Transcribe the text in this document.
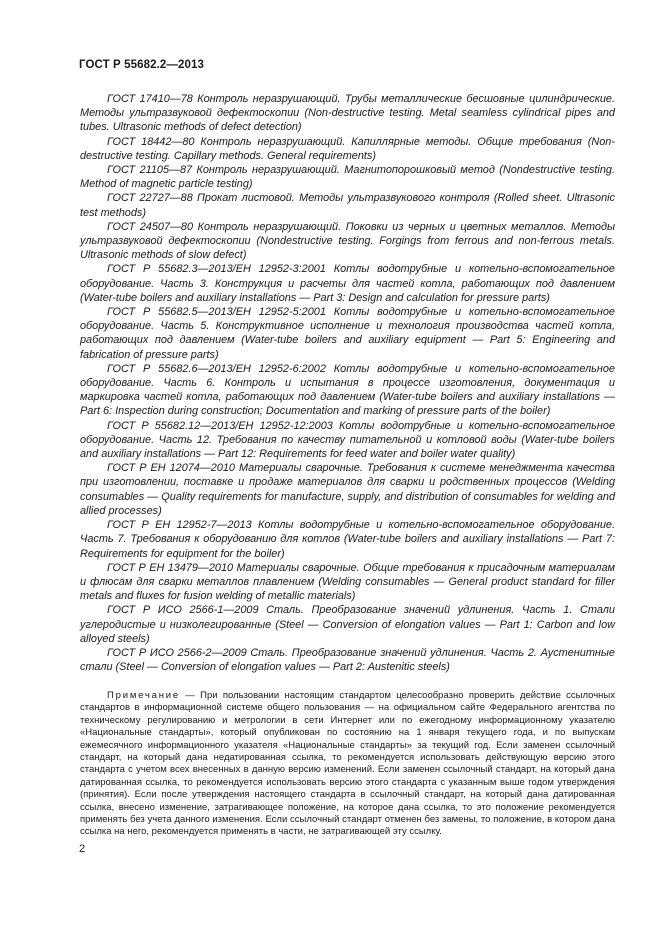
ГОСТ Р 55682.2—2013

ГОСТ 17410—78 Контроль неразрушающий. Трубы металлические бесшовные цилиндрические. Методы ультразвуковой дефектоскопии (Non-destructive testing. Metal seamless cylindrical pipes and tubes. Ultrasonic methods of defect detection)

ГОСТ 18442—80 Контроль неразрушающий. Капиллярные методы. Общие требования (Non-destructive testing. Capillary methods. General requirements)

ГОСТ 21105—87 Контроль неразрушающий. Магнитопорошковый метод (Nondestructive testing. Method of magnetic particle testing)

ГОСТ 22727—88 Прокат листовой. Методы ультразвукового контроля (Rolled sheet. Ultrasonic test methods)

ГОСТ 24507—80 Контроль неразрушающий. Поковки из черных и цветных металлов. Методы ультразвуковой дефектоскопии (Nondestructive testing. Forgings from ferrous and non-ferrous metals. Ultrasonic methods of slow defect)

ГОСТ Р 55682.3—2013/ЕН 12952-3:2001 Котлы водотрубные и котельно-вспомогательное оборудование. Часть 3. Конструкция и расчеты для частей котла, работающих под давлением (Water-tube boilers and auxiliary installations — Part 3: Design and calculation for pressure parts)

ГОСТ Р 55682.5—2013/ЕН 12952-5:2001 Котлы водотрубные и котельно-вспомогательное оборудование. Часть 5. Конструктивное исполнение и технология производства частей котла, работающих под давлением (Water-tube boilers and auxiliary equipment — Part 5: Engineering and fabrication of pressure parts)

ГОСТ Р 55682.6—2013/ЕН 12952-6:2002 Котлы водотрубные и котельно-вспомогательное оборудование. Часть 6. Контроль и испытания в процессе изготовления, документация и маркировка частей котла, работающих под давлением (Water-tube boilers and auxiliary installations — Part 6: Inspection during construction; Documentation and marking of pressure parts of the boiler)

ГОСТ Р 55682.12—2013/ЕН 12952-12:2003 Котлы водотрубные и котельно-вспомогательное оборудование. Часть 12. Требования по качеству питательной и котловой воды (Water-tube boilers and auxiliary installations — Part 12: Requirements for feed water and boiler water quality)

ГОСТ Р ЕН 12074—2010 Материалы сварочные. Требования к системе менеджмента качества при изготовлении, поставке и продаже материалов для сварки и родственных процессов (Welding consumables — Quality requirements for manufacture, supply, and distribution of consumables for welding and allied processes)

ГОСТ Р ЕН 12952-7—2013 Котлы водотрубные и котельно-вспомогательное оборудование. Часть 7. Требования к оборудованию для котлов (Water-tube boilers and auxiliary installations — Part 7: Requirements for equipment for the boiler)

ГОСТ Р ЕН 13479—2010 Материалы сварочные. Общие требования к присадочным материалам и флюсам для сварки металлов плавлением (Welding consumables — General product standard for filler metals and fluxes for fusion welding of metallic materials)

ГОСТ Р ИСО 2566-1—2009 Сталь. Преобразование значений удлинения. Часть 1. Стали углеродистые и низколегированные (Steel — Conversion of elongation values — Part 1: Carbon and low alloyed steels)

ГОСТ Р ИСО 2566-2—2009 Сталь. Преобразование значений удлинения. Часть 2. Аустенитные стали (Steel — Conversion of elongation values — Part 2: Austenitic steels)

Примечание — При пользовании настоящим стандартом целесообразно проверить действие ссылочных стандартов в информационной системе общего пользования — на официальном сайте Федерального агентства по техническому регулированию и метрологии в сети Интернет или по ежегодному информационному указателю «Национальные стандарты», который опубликован по состоянию на 1 января текущего года, и по выпускам ежемесячного информационного указателя «Национальные стандарты» за текущий год. Если заменен ссылочный стандарт, на который дана недатированная ссылка, то рекомендуется использовать действующую версию этого стандарта с учетом всех внесенных в данную версию изменений. Если заменен ссылочный стандарт, на который дана датированная ссылка, то рекомендуется использовать версию этого стандарта с указанным выше годом утверждения (принятия). Если после утверждения настоящего стандарта в ссылочный стандарт, на который дана датированная ссылка, внесено изменение, затрагивающее положение, на которое дана ссылка, то это положение рекомендуется применять без учета данного изменения. Если ссылочный стандарт отменен без замены, то положение, в котором дана ссылка на него, рекомендуется применять в части, не затрагивающей эту ссылку.

2
